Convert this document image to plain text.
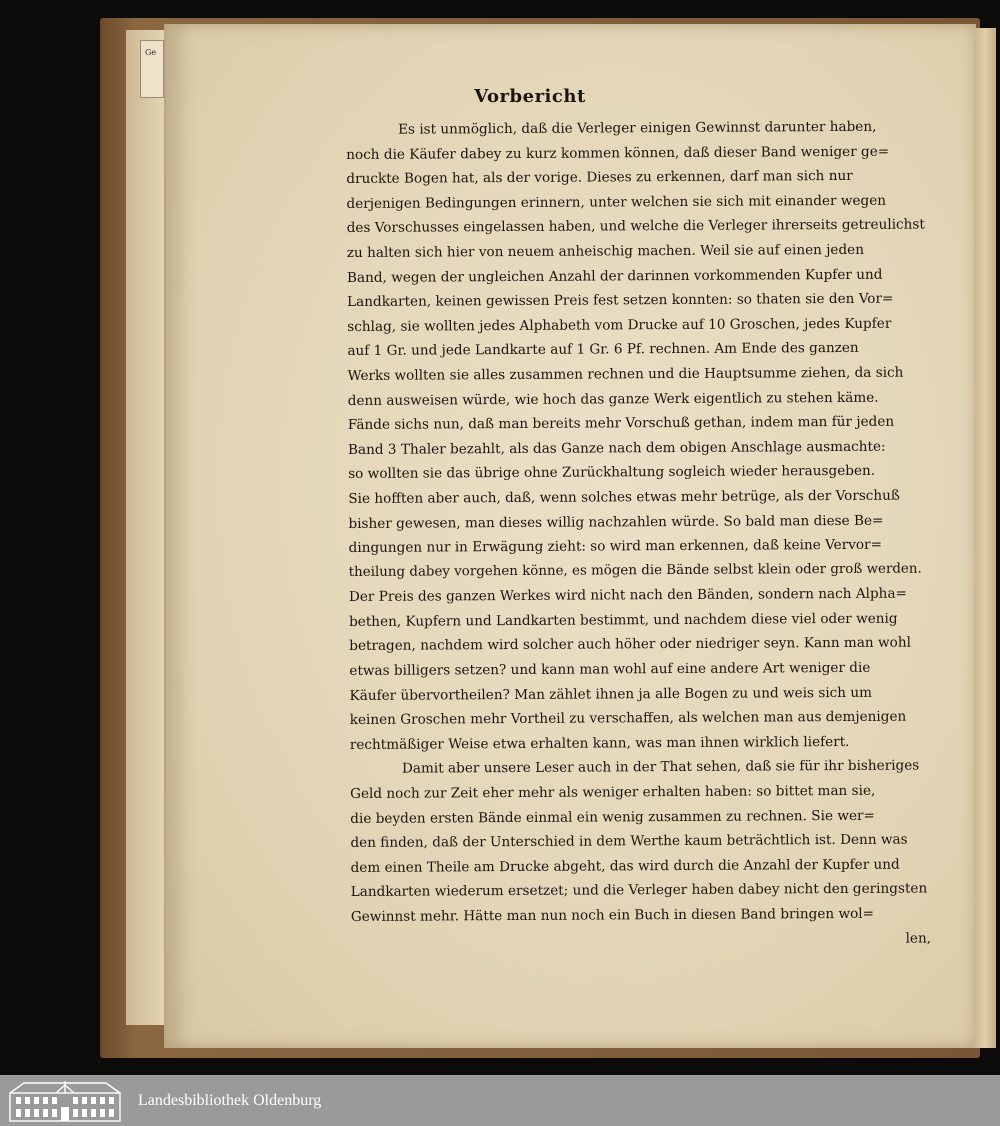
Ge
Vorbericht
Es ist unmöglich, daß die Verleger einigen Gewinnst darunter haben,
noch die Käufer dabey zu kurz kommen können, daß dieser Band weniger ge=
druckte Bogen hat, als der vorige. Dieses zu erkennen, darf man sich nur
derjenigen Bedingungen erinnern, unter welchen sie sich mit einander wegen
des Vorschusses eingelassen haben, und welche die Verleger ihrerseits getreulichst
zu halten sich hier von neuem anheischig machen. Weil sie auf einen jeden
Band, wegen der ungleichen Anzahl der darinnen vorkommenden Kupfer und
Landkarten, keinen gewissen Preis fest setzen konnten: so thaten sie den Vor=
schlag, sie wollten jedes Alphabeth vom Drucke auf 10 Groschen, jedes Kupfer
auf 1 Gr. und jede Landkarte auf 1 Gr. 6 Pf. rechnen. Am Ende des ganzen
Werks wollten sie alles zusammen rechnen und die Hauptsumme ziehen, da sich
denn ausweisen würde, wie hoch das ganze Werk eigentlich zu stehen käme.
Fände sichs nun, daß man bereits mehr Vorschuß gethan, indem man für jeden
Band 3 Thaler bezahlt, als das Ganze nach dem obigen Anschlage ausmachte:
so wollten sie das übrige ohne Zurückhaltung sogleich wieder herausgeben.
Sie hofften aber auch, daß, wenn solches etwas mehr betrüge, als der Vorschuß
bisher gewesen, man dieses willig nachzahlen würde. So bald man diese Be=
dingungen nur in Erwägung zieht: so wird man erkennen, daß keine Vervor=
theilung dabey vorgehen könne, es mögen die Bände selbst klein oder groß werden.
Der Preis des ganzen Werkes wird nicht nach den Bänden, sondern nach Alpha=
bethen, Kupfern und Landkarten bestimmt, und nachdem diese viel oder wenig
betragen, nachdem wird solcher auch höher oder niedriger seyn. Kann man wohl
etwas billigers setzen? und kann man wohl auf eine andere Art weniger die
Käufer übervortheilen? Man zählet ihnen ja alle Bogen zu und weis sich um
keinen Groschen mehr Vortheil zu verschaffen, als welchen man aus demjenigen
rechtmäßiger Weise etwa erhalten kann, was man ihnen wirklich liefert.
Damit aber unsere Leser auch in der That sehen, daß sie für ihr bisheriges
Geld noch zur Zeit eher mehr als weniger erhalten haben: so bittet man sie,
die beyden ersten Bände einmal ein wenig zusammen zu rechnen. Sie wer=
den finden, daß der Unterschied in dem Werthe kaum beträchtlich ist. Denn was
dem einen Theile am Drucke abgeht, das wird durch die Anzahl der Kupfer und
Landkarten wiederum ersetzet; und die Verleger haben dabey nicht den geringsten
Gewinnst mehr. Hätte man nun noch ein Buch in diesen Band bringen wol=
len,
Landesbibliothek Oldenburg
